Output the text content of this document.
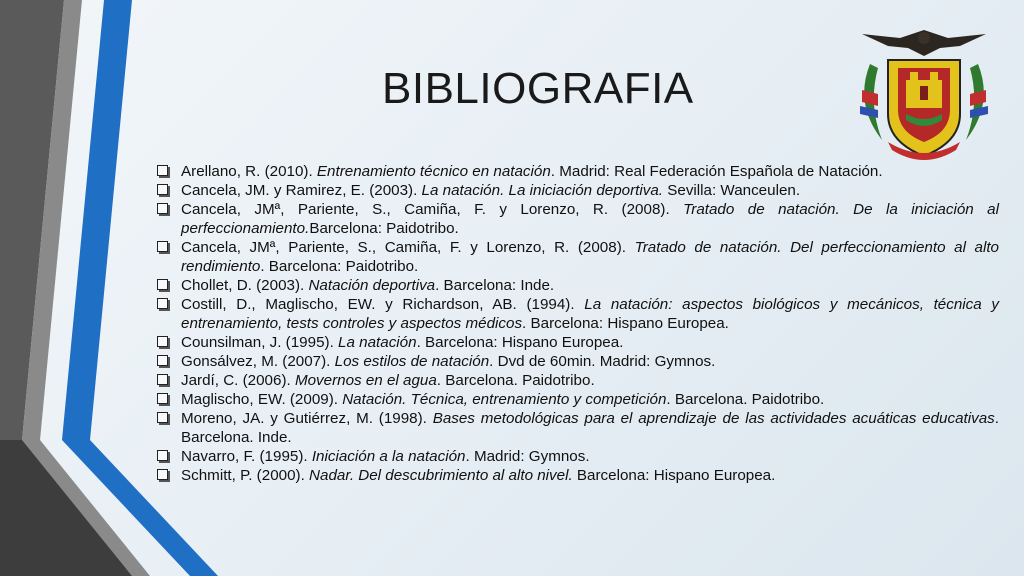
BIBLIOGRAFIA
Arellano, R. (2010). Entrenamiento técnico en natación. Madrid: Real Federación Española de Natación.
Cancela, JM. y Ramirez, E. (2003). La natación. La iniciación deportiva. Sevilla: Wanceulen.
Cancela, JMª, Pariente, S., Camiña, F. y Lorenzo, R. (2008). Tratado de natación. De la iniciación al perfeccionamiento.Barcelona: Paidotribo.
Cancela, JMª, Pariente, S., Camiña, F. y Lorenzo, R. (2008). Tratado de natación. Del perfeccionamiento al alto rendimiento. Barcelona: Paidotribo.
Chollet, D. (2003). Natación deportiva. Barcelona: Inde.
Costill, D., Maglischo, EW. y Richardson, AB. (1994). La natación: aspectos biológicos y mecánicos, técnica y entrenamiento, tests controles y aspectos médicos. Barcelona: Hispano Europea.
Counsilman, J. (1995). La natación. Barcelona: Hispano Europea.
Gonsálvez, M. (2007). Los estilos de natación. Dvd de 60min. Madrid: Gymnos.
Jardí, C. (2006). Movernos en el agua. Barcelona. Paidotribo.
Maglischo, EW. (2009). Natación. Técnica, entrenamiento y competición. Barcelona. Paidotribo.
Moreno, JA. y Gutiérrez, M. (1998). Bases metodológicas para el aprendizaje de las actividades acuáticas educativas. Barcelona. Inde.
Navarro, F. (1995). Iniciación a la natación. Madrid: Gymnos.
Schmitt, P. (2000). Nadar. Del descubrimiento al alto nivel. Barcelona: Hispano Europea.
